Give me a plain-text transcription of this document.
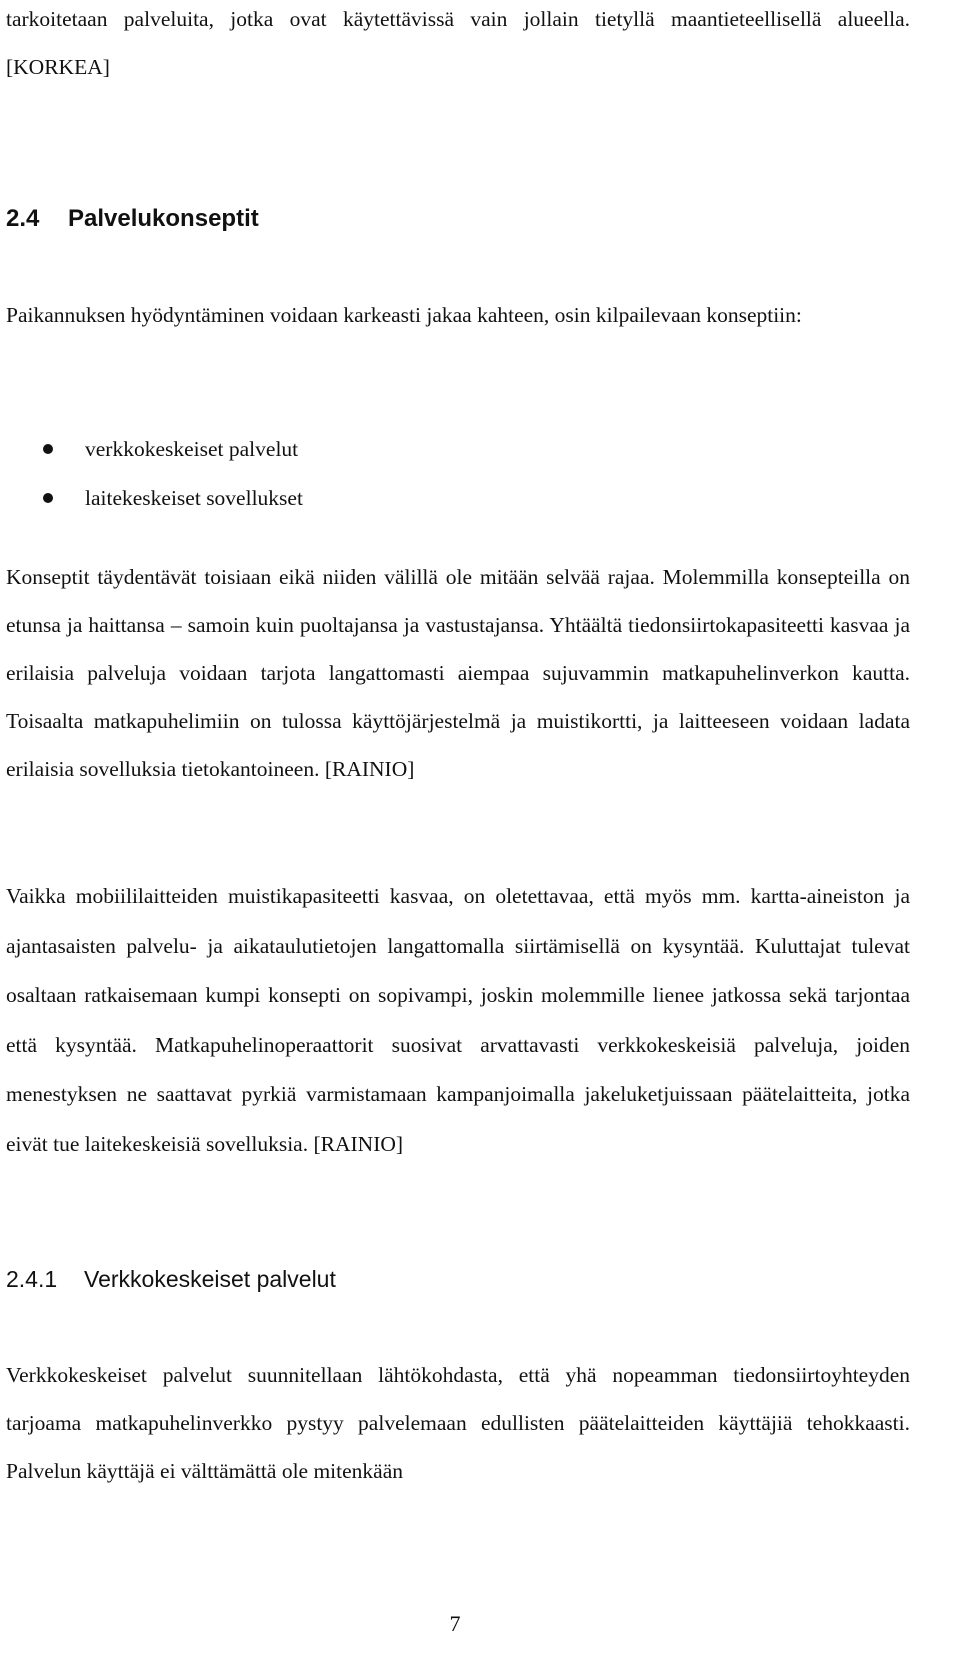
tarkoitetaan palveluita, jotka ovat käytettävissä vain jollain tietyllä maantieteellisellä alueella. [KORKEA]

2.4 Palvelukonseptit

Paikannuksen hyödyntäminen voidaan karkeasti jakaa kahteen, osin kilpailevaan konseptiin:

verkkokeskeiset palvelut
laitekeskeiset sovellukset

Konseptit täydentävät toisiaan eikä niiden välillä ole mitään selvää rajaa. Molemmilla konsepteilla on etunsa ja haittansa – samoin kuin puoltajansa ja vastustajansa. Yhtäältä tiedonsiirtokapasiteetti kasvaa ja erilaisia palveluja voidaan tarjota langattomasti aiempaa sujuvammin matkapuhelinverkon kautta. Toisaalta matkapuhelimiin on tulossa käyttöjärjestelmä ja muistikortti, ja laitteeseen voidaan ladata erilaisia sovelluksia tietokantoineen. [RAINIO]

Vaikka mobiililaitteiden muistikapasiteetti kasvaa, on oletettavaa, että myös mm. kartta-aineiston ja ajantasaisten palvelu- ja aikataulutietojen langattomalla siirtämisellä on kysyntää. Kuluttajat tulevat osaltaan ratkaisemaan kumpi konsepti on sopivampi, joskin molemmille lienee jatkossa sekä tarjontaa että kysyntää. Matkapuhelinoperaattorit suosivat arvattavasti verkkokeskeisiä palveluja, joiden menestyksen ne saattavat pyrkiä varmistamaan kampanjoimalla jakeluketjuissaan päätelaitteita, jotka eivät tue laitekeskeisiä sovelluksia. [RAINIO]

2.4.1 Verkkokeskeiset palvelut

Verkkokeskeiset palvelut suunnitellaan lähtökohdasta, että yhä nopeamman tiedonsiirtoyhteyden tarjoama matkapuhelinverkko pystyy palvelemaan edullisten päätelaitteiden käyttäjiä tehokkaasti. Palvelun käyttäjä ei välttämättä ole mitenkään

7
